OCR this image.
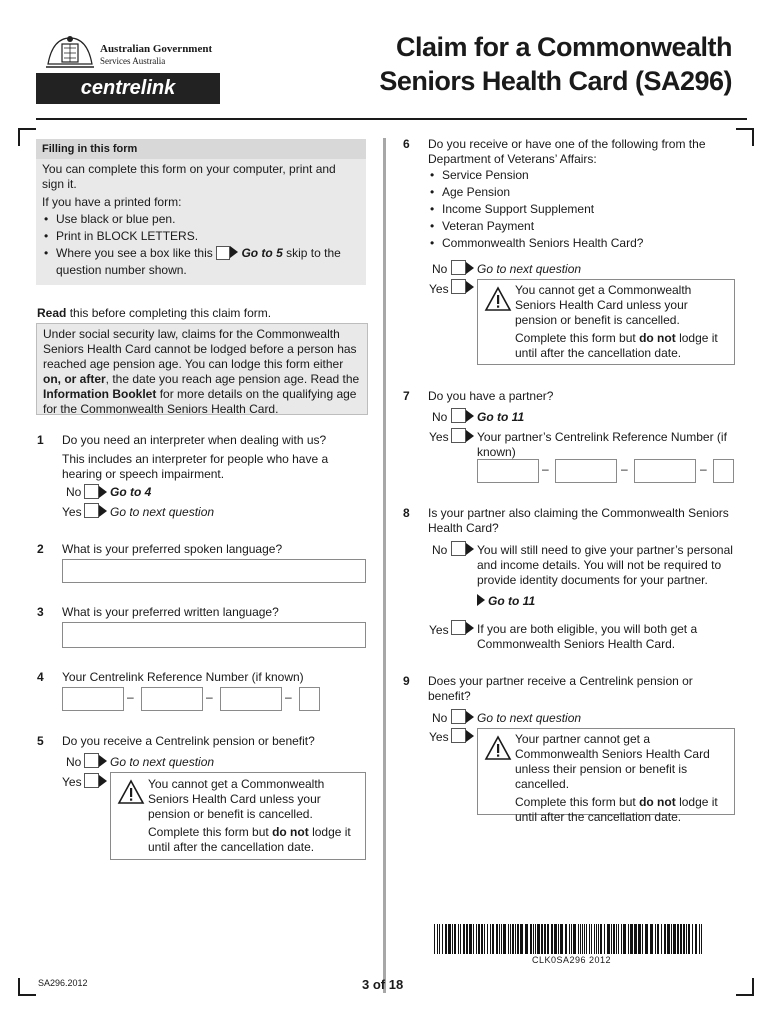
Australian Government
Services Australia
centrelink
Claim for a Commonwealth
Seniors Health Card (SA296)
Filling in this form
You can complete this form on your computer, print and sign it.
If you have a printed form:
• Use black or blue pen.
• Print in BLOCK LETTERS.
• Where you see a box like this Go to 5 skip to the question number shown.
Read this before completing this claim form.
Under social security law, claims for the Commonwealth Seniors Health Card cannot be lodged before a person has reached age pension age. You can lodge this form either on, or after, the date you reach age pension age. Read the Information Booklet for more details on the qualifying age for the Commonwealth Seniors Health Card.
1 Do you need an interpreter when dealing with us?
This includes an interpreter for people who have a hearing or speech impairment.
No Go to 4
Yes Go to next question
2 What is your preferred spoken language?
3 What is your preferred written language?
4 Your Centrelink Reference Number (if known)
–	–	–
5 Do you receive a Centrelink pension or benefit?
No Go to next question
Yes	You cannot get a Commonwealth Seniors Health Card unless your pension or benefit is cancelled.
Complete this form but do not lodge it until after the cancellation date.
6 Do you receive or have one of the following from the Department of Veterans’ Affairs:
• Service Pension
• Age Pension
• Income Support Supplement
• Veteran Payment
• Commonwealth Seniors Health Card?
No Go to next question
Yes	You cannot get a Commonwealth Seniors Health Card unless your pension or benefit is cancelled.
Complete this form but do not lodge it until after the cancellation date.
7 Do you have a partner?
No Go to 11
Yes Your partner’s Centrelink Reference Number (if known)
–	–	–
8 Is your partner also claiming the Commonwealth Seniors Health Card?
No You will still need to give your partner’s personal and income details. You will not be required to provide identity documents for your partner.
Go to 11
Yes If you are both eligible, you will both get a Commonwealth Seniors Health Card.
9 Does your partner receive a Centrelink pension or benefit?
No Go to next question
Yes	Your partner cannot get a Commonwealth Seniors Health Card unless their pension or benefit is cancelled.
Complete this form but do not lodge it until after the cancellation date.
CLK0SA296 2012
SA296.2012	3 of 18
